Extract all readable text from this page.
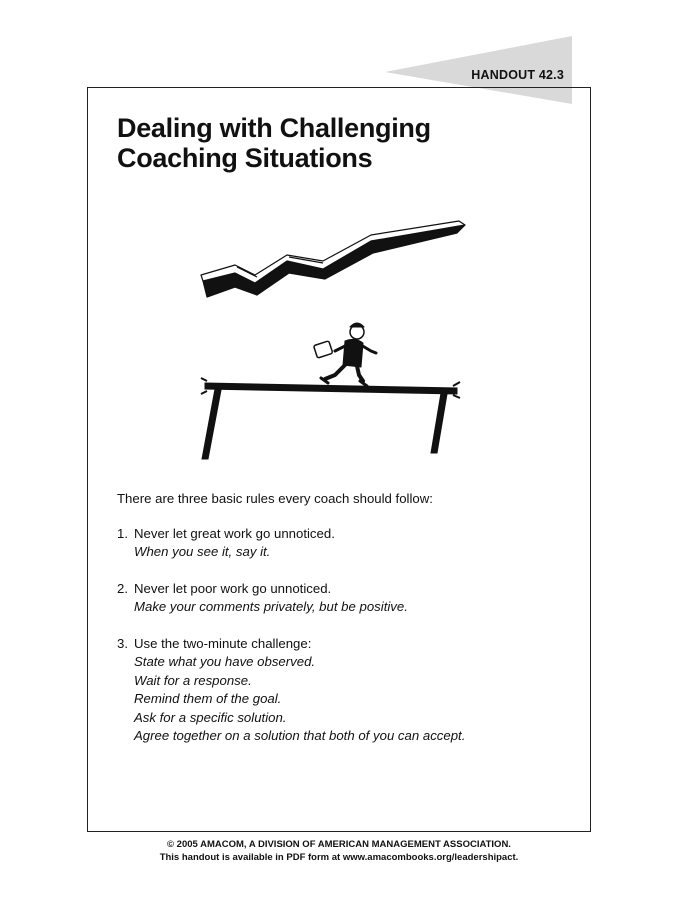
HANDOUT 42.3
Dealing with Challenging
Coaching Situations

There are three basic rules every coach should follow:

1. Never let great work go unnoticed.
When you see it, say it.
2. Never let poor work go unnoticed.
Make your comments privately, but be positive.
3. Use the two-minute challenge:
State what you have observed.
Wait for a response.
Remind them of the goal.
Ask for a specific solution.
Agree together on a solution that both of you can accept.
© 2005 AMACOM, A DIVISION OF AMERICAN MANAGEMENT ASSOCIATION.
This handout is available in PDF form at www.amacombooks.org/leadershipact.
